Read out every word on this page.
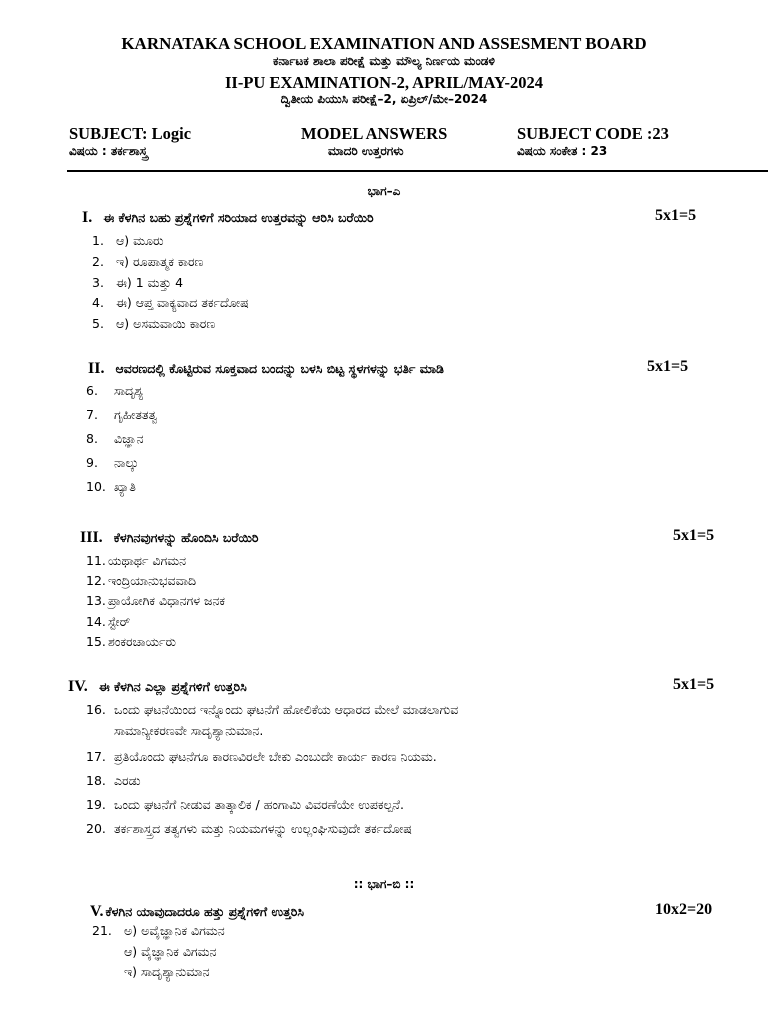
KARNATAKA SCHOOL EXAMINATION AND ASSESMENT BOARD
ಕರ್ನಾಟಕ ಶಾಲಾ ಪರೀಕ್ಷೆ ಮತ್ತು ಮೌಲ್ಯ ನಿರ್ಣಯ ಮಂಡಳಿ
II-PU EXAMINATION-2, APRIL/MAY-2024
ದ್ವಿತೀಯ ಪಿಯುಸಿ ಪರೀಕ್ಷೆ–2, ಏಪ್ರಿಲ್/ಮೇ–2024
SUBJECT: Logic
ವಿಷಯ : ತರ್ಕಶಾಸ್ತ್ರ
MODEL ANSWERS
ಮಾದರಿ ಉತ್ತರಗಳು
SUBJECT CODE :23
ವಿಷಯ ಸಂಕೇತ : 23
ಭಾಗ–ಎ
I. ಈ ಕೆಳಗಿನ ಬಹು ಪ್ರಶ್ನೆಗಳಿಗೆ ಸರಿಯಾದ ಉತ್ತರವನ್ನು ಆರಿಸಿ ಬರೆಯಿರಿ	5x1=5
1. ಆ) ಮೂರು
2. ಇ) ರೂಪಾತ್ಮಕ ಕಾರಣ
3. ಈ) 1 ಮತ್ತು 4
4. ಈ) ಆಪ್ತ ವಾಕ್ಯವಾದ ತರ್ಕದೋಷ
5. ಆ) ಅಸಮವಾಯಿ ಕಾರಣ
II. ಆವರಣದಲ್ಲಿ ಕೊಟ್ಟಿರುವ ಸೂಕ್ತವಾದ ಬಂದನ್ನು ಬಳಸಿ ಬಿಟ್ಟ ಸ್ಥಳಗಳನ್ನು ಭರ್ತಿ ಮಾಡಿ	5x1=5
6. ಸಾದೃಶ್ಯ
7. ಗೃಹೀತತತ್ವ
8. ವಿಜ್ಞಾನ
9. ನಾಲ್ಕು
10. ಖ್ಯಾತಿ
III. ಕೆಳಗಿನವುಗಳನ್ನು ಹೊಂದಿಸಿ ಬರೆಯಿರಿ	5x1=5
11. ಯಥಾರ್ಥ ವಿಗಮನ
12. ಇಂದ್ರಿಯಾನುಭವವಾದಿ
13. ಪ್ರಾಯೋಗಿಕ ವಿಧಾನಗಳ ಜನಕ
14. ಸ್ಟೇರ್
15. ಶಂಕರಚಾರ್ಯರು
IV. ಈ ಕೆಳಗಿನ ಎಲ್ಲಾ ಪ್ರಶ್ನೆಗಳಿಗೆ ಉತ್ತರಿಸಿ	5x1=5
16. ಒಂದು ಘಟನೆಯಿಂದ ಇನ್ನೊಂದು ಘಟನೆಗೆ ಹೋಲಿಕೆಯ ಆಧಾರದ ಮೇಲೆ ಮಾಡಲಾಗುವ
ಸಾಮಾನ್ಯೀಕರಣವೇ ಸಾದೃಶ್ಯಾನುಮಾನ.
17. ಪ್ರತಿಯೊಂದು ಘಟನೆಗೂ ಕಾರಣವಿರಲೇ ಬೇಕು ಎಂಬುದೇ ಕಾರ್ಯ ಕಾರಣ ನಿಯಮ.
18. ಎರಡು
19. ಒಂದು ಘಟನೆಗೆ ನೀಡುವ ತಾತ್ಕಾಲಿಕ / ಹಂಗಾಮಿ ವಿವರಣೆಯೇ ಉಪಕಲ್ಪನೆ.
20. ತರ್ಕಶಾಸ್ತ್ರದ ತತ್ವಗಳು ಮತ್ತು ನಿಯಮಗಳನ್ನು ಉಲ್ಲಂಘಿಸುವುದೇ ತರ್ಕದೋಷ
:: ಭಾಗ–ಬಿ ::
V. ಕೆಳಗಿನ ಯಾವುದಾದರೂ ಹತ್ತು ಪ್ರಶ್ನೆಗಳಿಗೆ ಉತ್ತರಿಸಿ	10x2=20
21. ಅ) ಅವೈಜ್ಞಾನಿಕ ವಿಗಮನ
ಆ) ವೈಜ್ಞಾನಿಕ ವಿಗಮನ
ಇ) ಸಾದೃಶ್ಯಾನುಮಾನ
